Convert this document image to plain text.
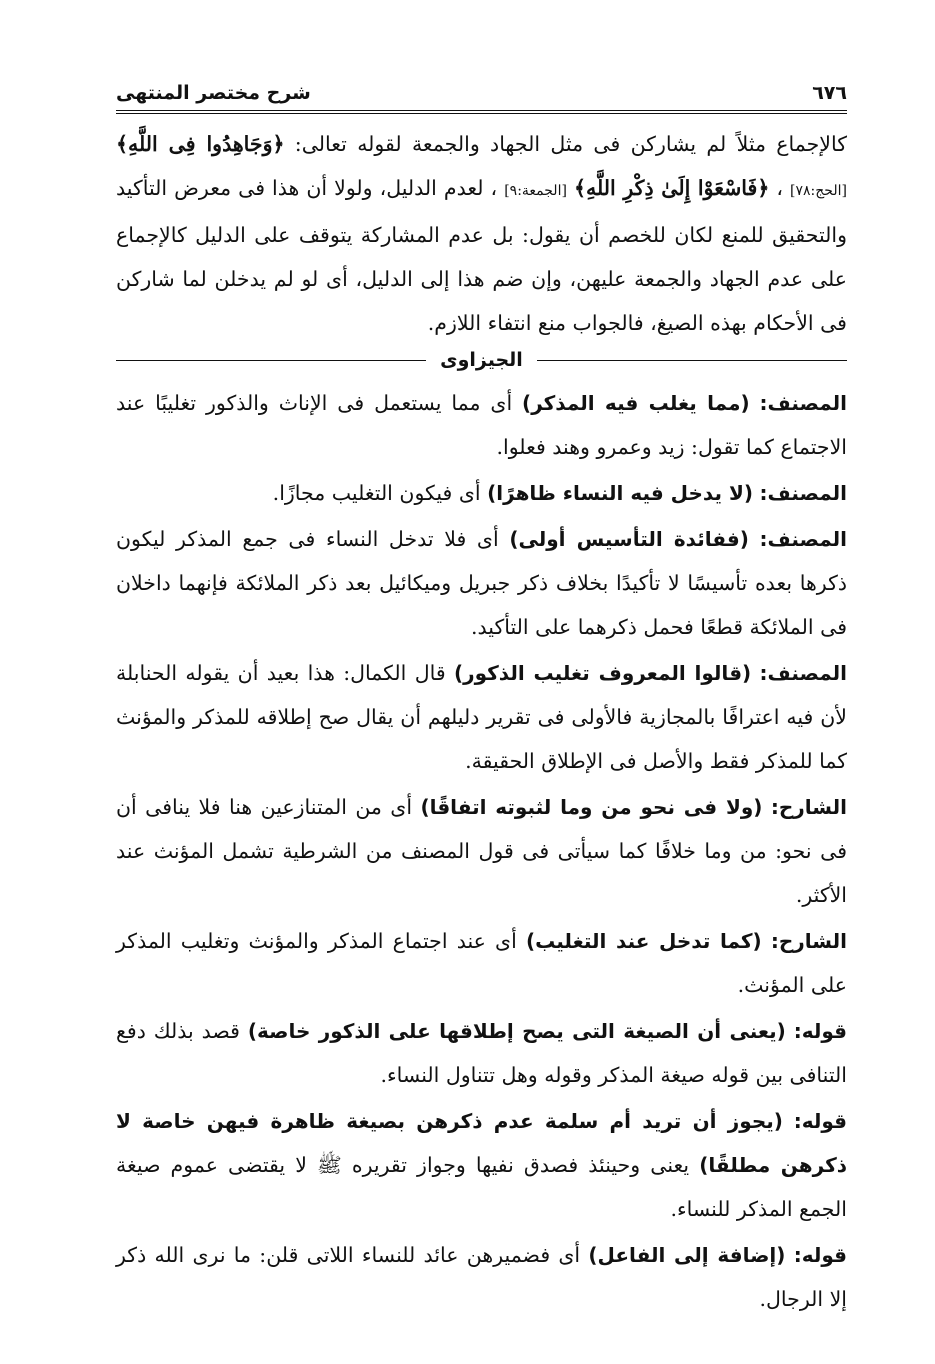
٦٧٦
شرح مختصر المنتهى

كالإجماع مثلاً لم يشاركن فى مثل الجهاد والجمعة لقوله تعالى: ﴿وَجَاهِدُوا فِى اللَّهِ﴾ [الحج:٧٨] ، ﴿فَاسْعَوْا إِلَىٰ ذِكْرِ اللَّهِ﴾ [الجمعة:٩] ، لعدم الدليل، ولولا أن هذا فى معرض التأكيد والتحقيق للمنع لكان للخصم أن يقول: بل عدم المشاركة يتوقف على الدليل كالإجماع على عدم الجهاد والجمعة عليهن، وإن ضم هذا إلى الدليل، أى لو لم يدخلن لما شاركن فى الأحكام بهذه الصيغ، فالجواب منع انتفاء اللازم.

الجيزاوى

المصنف: (مما يغلب فيه المذكر) أى مما يستعمل فى الإناث والذكور تغليبًا عند الاجتماع كما تقول: زيد وعمرو وهند فعلوا.

المصنف: (لا يدخل فيه النساء ظاهرًا) أى فيكون التغليب مجازًا.

المصنف: (ففائدة التأسيس أولى) أى فلا تدخل النساء فى جمع المذكر ليكون ذكرها بعده تأسيسًا لا تأكيدًا بخلاف ذكر جبريل وميكائيل بعد ذكر الملائكة فإنهما داخلان فى الملائكة قطعًا فحمل ذكرهما على التأكيد.

المصنف: (قالوا المعروف تغليب الذكور) قال الكمال: هذا بعيد أن يقوله الحنابلة لأن فيه اعترافًا بالمجازية فالأولى فى تقرير دليلهم أن يقال صح إطلاقه للمذكر والمؤنث كما للمذكر فقط والأصل فى الإطلاق الحقيقة.

الشارح: (ولا فى نحو من وما لثبوته اتفاقًا) أى من المتنازعين هنا فلا ينافى أن فى نحو: من وما خلافًا كما سيأتى فى قول المصنف من الشرطية تشمل المؤنث عند الأكثر.

الشارح: (كما تدخل عند التغليب) أى عند اجتماع المذكر والمؤنث وتغليب المذكر على المؤنث.

قوله: (يعنى أن الصيغة التى يصح إطلاقها على الذكور خاصة) قصد بذلك دفع التنافى بين قوله صيغة المذكر وقوله وهل تتناول النساء.

قوله: (يجوز أن تريد أم سلمة عدم ذكرهن بصيغة ظاهرة فيهن خاصة لا ذكرهن مطلقًا) يعنى وحينئذ فصدق نفيها وجواز تقريره ﷺ لا يقتضى عموم صيغة الجمع المذكر للنساء.

قوله: (إضافة إلى الفاعل) أى فضميرهن عائد للنساء اللاتى قلن: ما نرى الله ذكر إلا الرجال.
